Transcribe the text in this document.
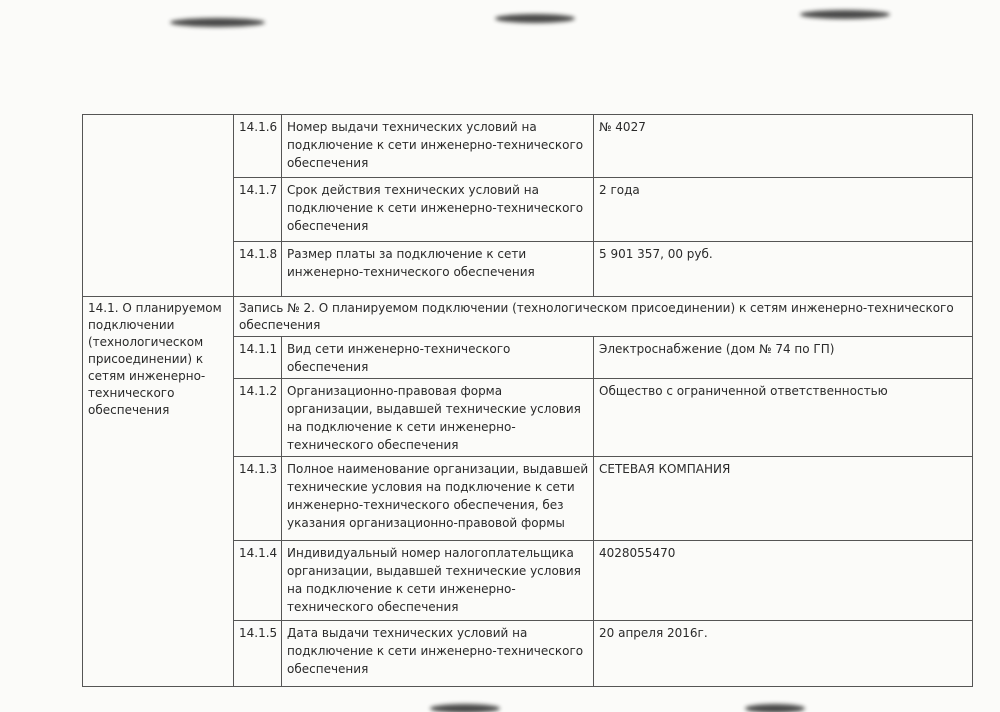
	14.1.6	Номер выдачи технических условий на подключение к сети инженерно-технического обеспечения	№ 4027
	14.1.7	Срок действия технических условий на подключение к сети инженерно-технического обеспечения	2 года
	14.1.8	Размер платы за подключение к сети инженерно-технического обеспечения	5 901 357, 00 руб.
14.1. О планируемом подключении (технологическом присоединении) к сетям инженерно-технического обеспечения	Запись № 2. О планируемом подключении (технологическом присоединении) к сетям инженерно-технического обеспечения		
	14.1.1	Вид сети инженерно-технического обеспечения	Электроснабжение (дом № 74 по ГП)
	14.1.2	Организационно-правовая форма организации, выдавшей технические условия на подключение к сети инженерно-технического обеспечения	Общество с ограниченной ответственностью
	14.1.3	Полное наименование организации, выдавшей технические условия на подключение к сети инженерно-технического обеспечения, без указания организационно-правовой формы	СЕТЕВАЯ КОМПАНИЯ
	14.1.4	Индивидуальный номер налогоплательщика организации, выдавшей технические условия на подключение к сети инженерно-технического обеспечения	4028055470
	14.1.5	Дата выдачи технических условий на подключение к сети инженерно-технического обеспечения	20 апреля 2016г.
